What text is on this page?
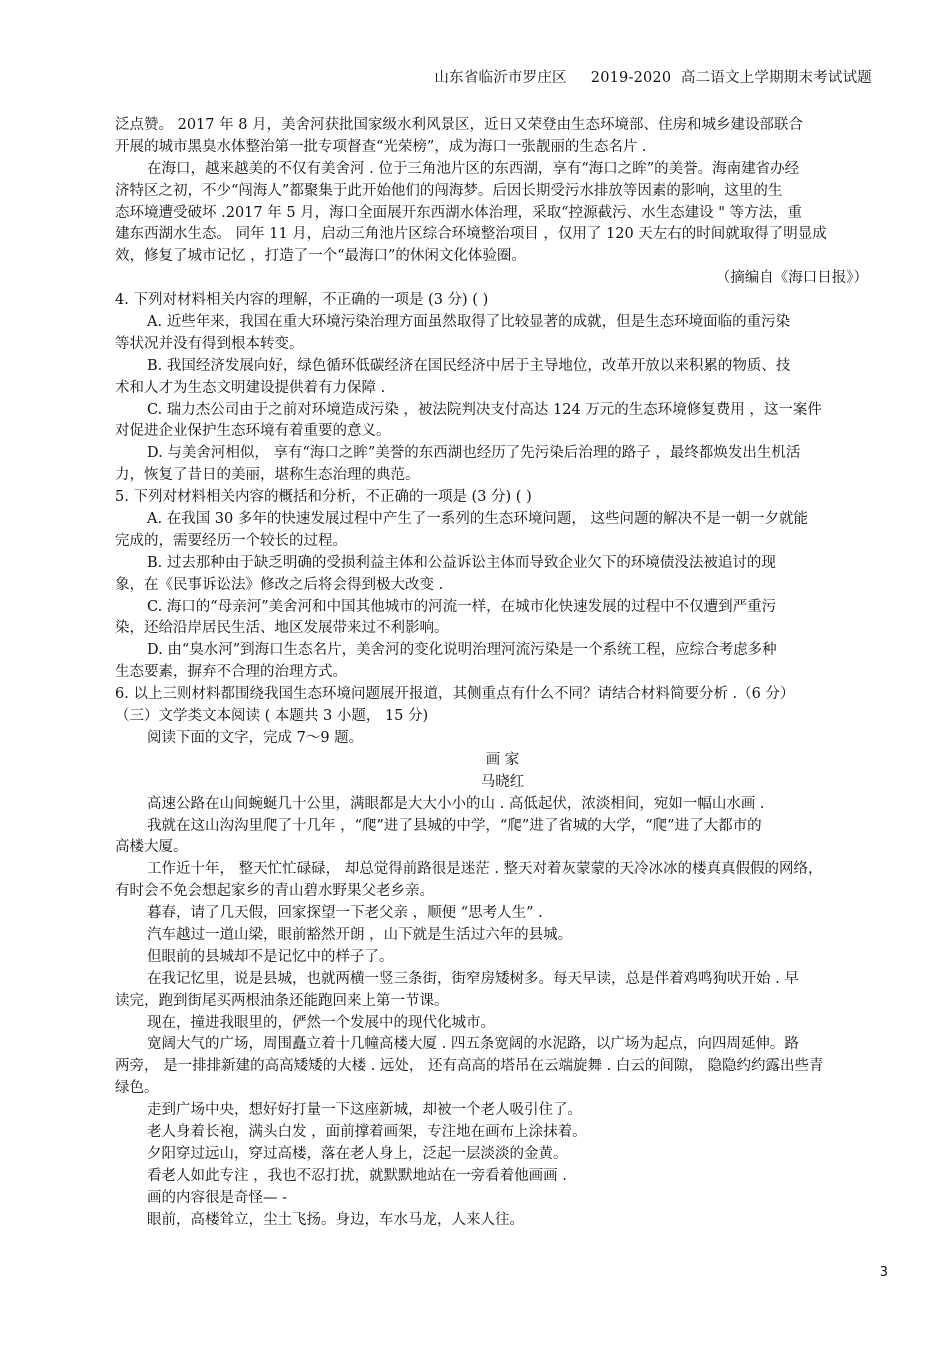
山东省临沂市罗庄区     2019-2020  高二语文上学期期末考试试题
泛点赞。 2017 年 8 月，美舍河获批国家级水利风景区，近日又荣登由生态环境部、住房和城乡建设部联合
开展的城市黑臭水体整治第一批专项督查“光荣榜”，成为海口一张靓丽的生态名片 .
在海口，越来越美的不仅有美舍河 . 位于三角池片区的东西湖，享有“海口之眸”的美誉。海南建省办经
济特区之初，不少“闯海人”都聚集于此开始他们的闯海梦。后因长期受污水排放等因素的影响，这里的生
态环境遭受破坏 .2017 年 5 月，海口全面展开东西湖水体治理，采取“控源截污、水生态建设 " 等方法，重
建东西湖水生态。 同年 11 月，启动三角池片区综合环境整治项目 ，仅用了 120 天左右的时间就取得了明显成
效，修复了城市记忆 ，打造了一个“最海口”的休闲文化体验圈。
（摘编自《海口日报》）
4. 下列对材料相关内容的理解，不正确的一项是 (3 分) ( )
A. 近些年来，我国在重大环境污染治理方面虽然取得了比较显著的成就，但是生态环境面临的重污染
等状况并没有得到根本转变。
B. 我国经济发展向好，绿色循环低碳经济在国民经济中居于主导地位，改革开放以来积累的物质、技
术和人才为生态文明建设提供着有力保障 .
C. 瑞力杰公司由于之前对环境造成污染 ，被法院判决支付高达 124 万元的生态环境修复费用 ，这一案件
对促进企业保护生态环境有着重要的意义。
D. 与美舍河相似， 享有“海口之眸”美誉的东西湖也经历了先污染后治理的路子 ，最终都焕发出生机活
力，恢复了昔日的美丽，堪称生态治理的典范。
5. 下列对材料相关内容的概括和分析，不正确的一项是 (3 分) ( )
A. 在我国 30 多年的快速发展过程中产生了一系列的生态环境问题， 这些问题的解决不是一朝一夕就能
完成的，需要经历一个较长的过程。
B. 过去那种由于缺乏明确的受损利益主体和公益诉讼主体而导致企业欠下的环境债没法被追讨的现
象，在《民事诉讼法》修改之后将会得到极大改变 .
C. 海口的“母亲河”美舍河和中国其他城市的河流一样，在城市化快速发展的过程中不仅遭到严重污
染，还给沿岸居民生活、地区发展带来过不利影响。
D. 由“臭水河”到海口生态名片，美舍河的变化说明治理河流污染是一个系统工程，应综合考虑多种
生态要素，摒弃不合理的治理方式。
6. 以上三则材料都围绕我国生态环境问题展开报道，其侧重点有什么不同？请结合材料简要分析 .（6 分）
（三）文学类文本阅读 ( 本题共 3 小题， 15 分)
阅读下面的文字，完成 7～9 题。
画 家
马晓红
高速公路在山间蜿蜒几十公里，满眼都是大大小小的山 . 高低起伏，浓淡相间，宛如一幅山水画 .
我就在这山沟沟里爬了十几年 ，“爬”进了县城的中学，“爬”进了省城的大学，“爬”进了大都市的
高楼大厦。
工作近十年， 整天忙忙碌碌， 却总觉得前路很是迷茫 . 整天对着灰蒙蒙的天冷冰冰的楼真真假假的网络，
有时会不免会想起家乡的青山碧水野果父老乡亲。
暮春，请了几天假，回家探望一下老父亲 ，顺便 “思考人生” .
汽车越过一道山梁，眼前豁然开朗 ，山下就是生活过六年的县城。
但眼前的县城却不是记忆中的样子了。
在我记忆里，说是县城，也就两横一竖三条街，街窄房矮树多。每天早读，总是伴着鸡鸣狗吠开始 . 早
读完，跑到街尾买两根油条还能跑回来上第一节课。
现在，撞进我眼里的，俨然一个发展中的现代化城市。
宽阔大气的广场，周围矗立着十几幢高楼大厦 . 四五条宽阔的水泥路，以广场为起点，向四周延伸。路
两旁， 是一排排新建的高高矮矮的大楼 . 远处， 还有高高的塔吊在云端旋舞 . 白云的间隙， 隐隐约约露出些青
绿色。
走到广场中央，想好好打量一下这座新城，却被一个老人吸引住了。
老人身着长袍，满头白发 ，面前撑着画架，专注地在画布上涂抹着。
夕阳穿过远山，穿过高楼，落在老人身上，泛起一层淡淡的金黄。
看老人如此专注 ，我也不忍打扰，就默默地站在一旁看着他画画 .
画的内容很是奇怪— -
眼前，高楼耸立，尘土飞扬。身边，车水马龙，人来人往。
3
